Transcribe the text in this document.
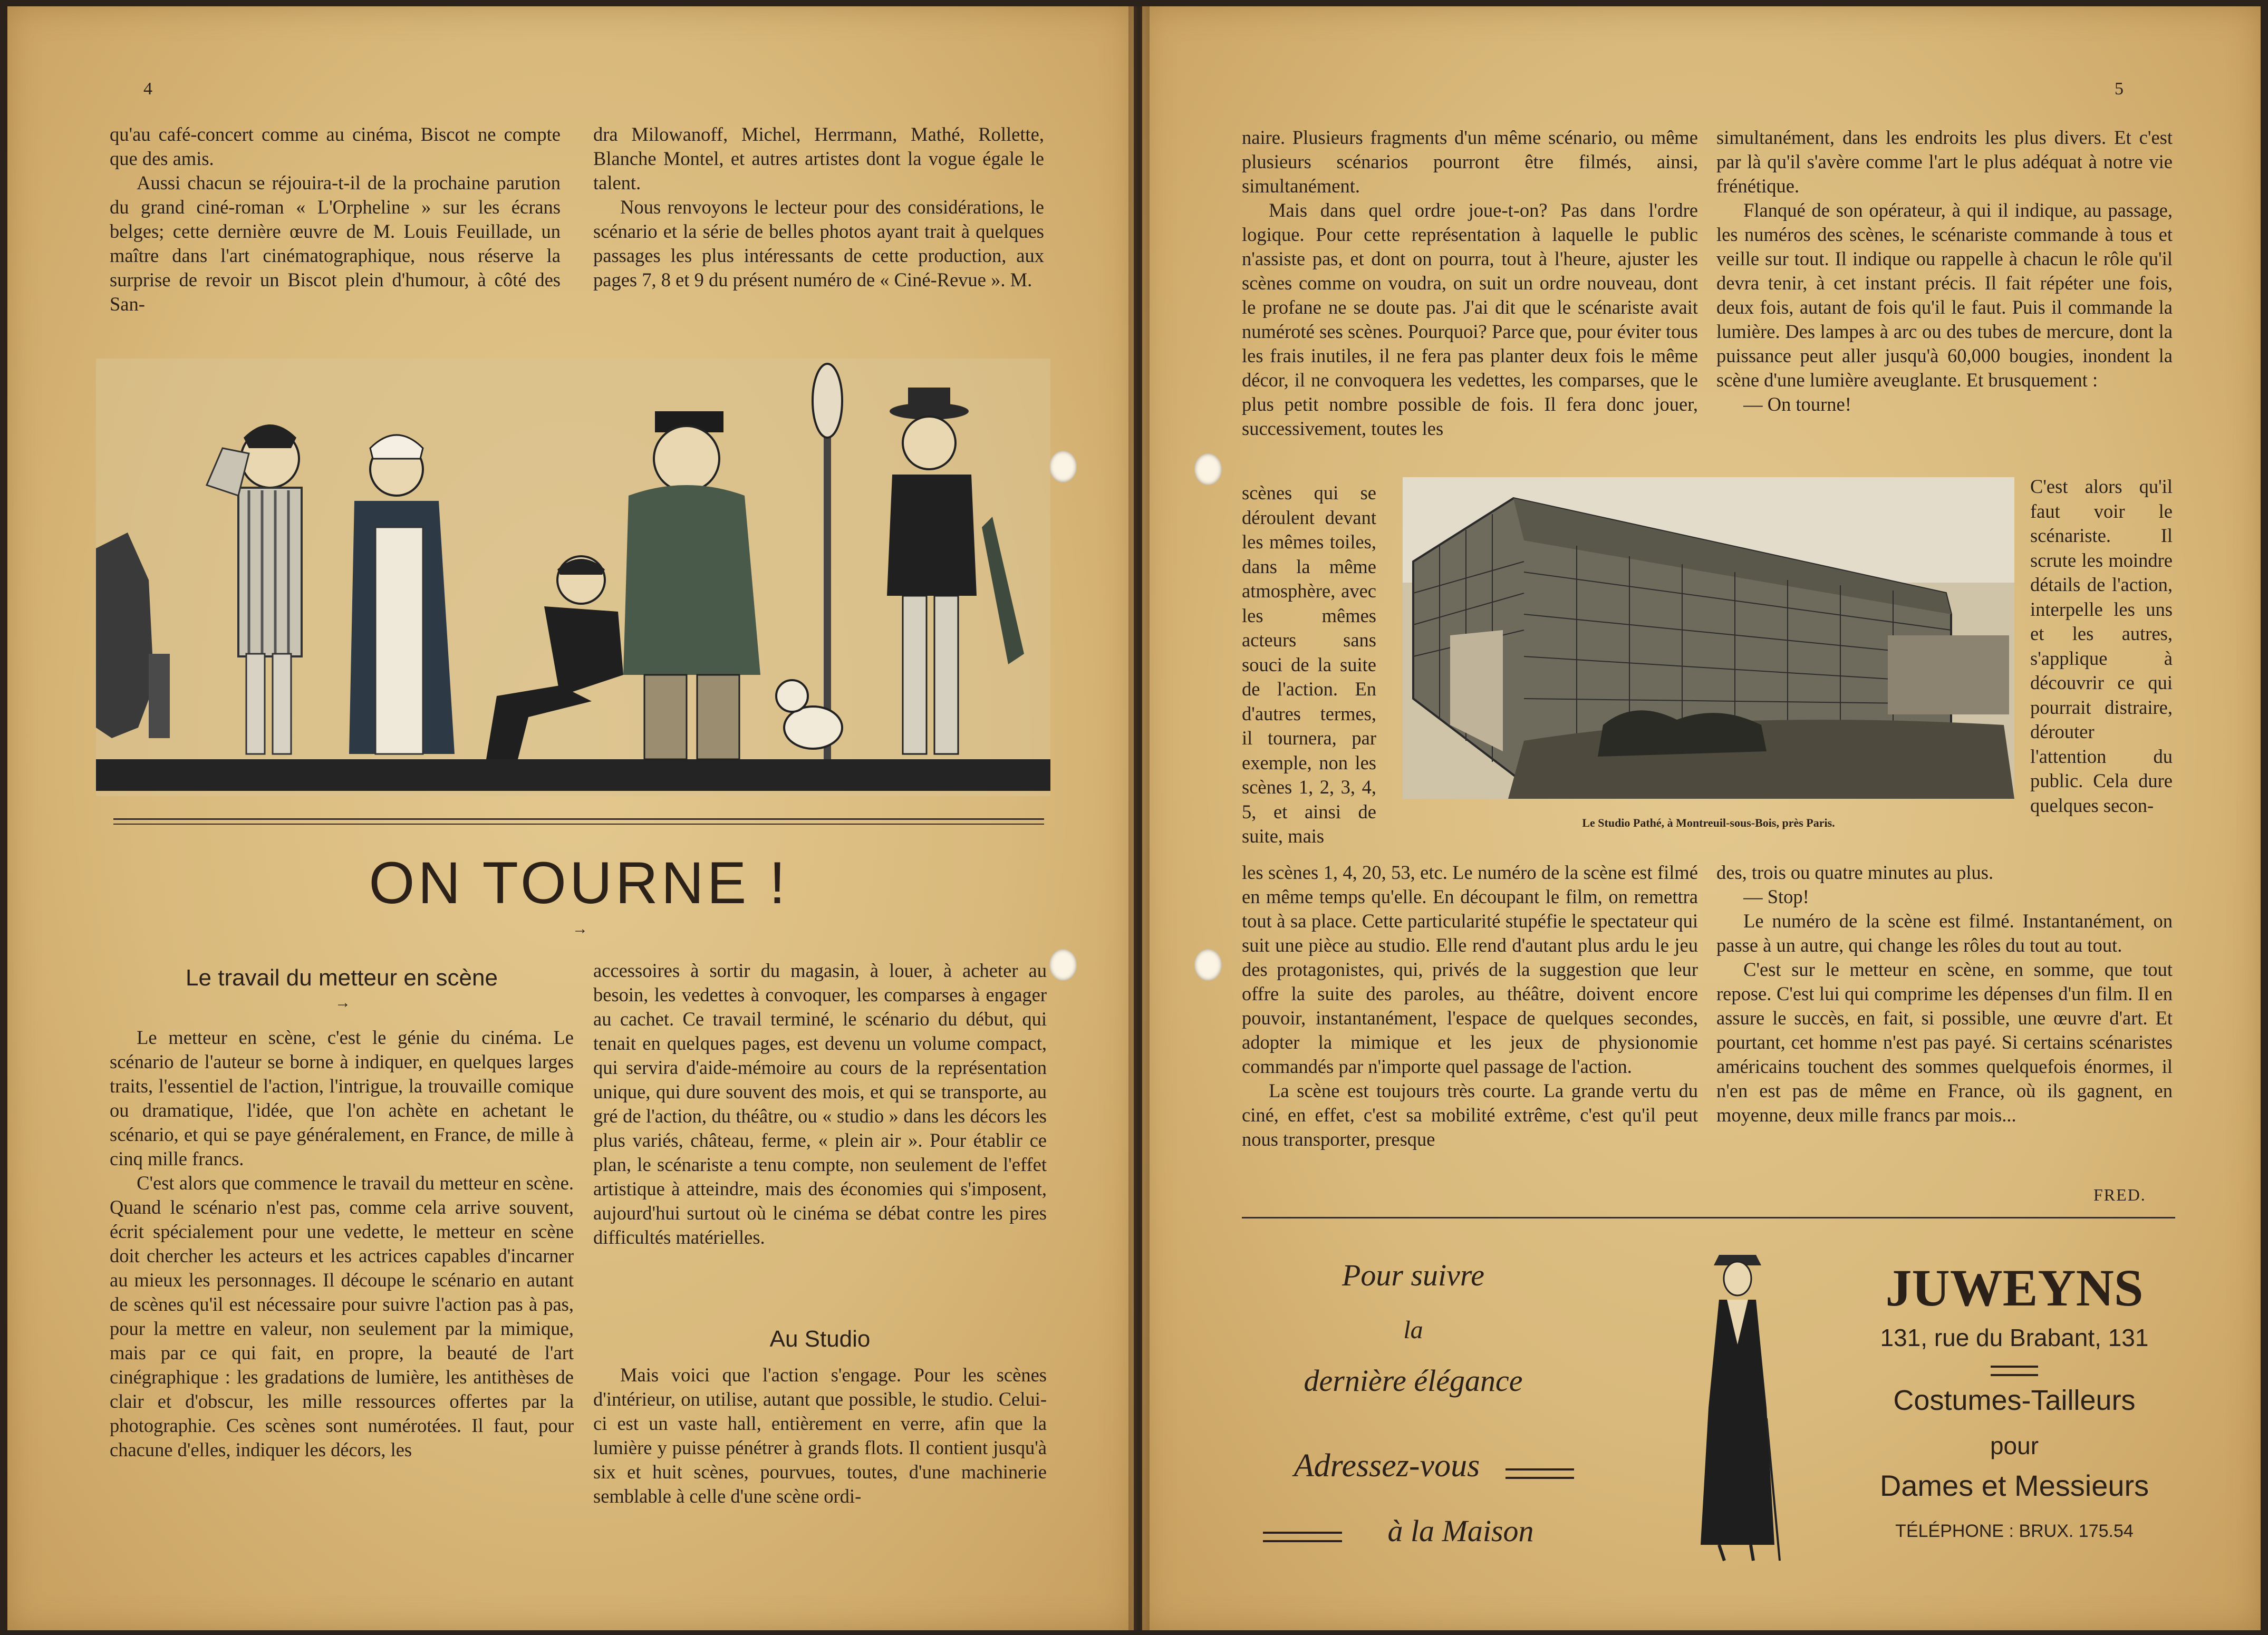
4

qu'au café-concert comme au cinéma, Biscot ne compte que des amis.

Aussi chacun se réjouira-t-il de la prochaine parution du grand ciné-roman « L'Orpheline » sur les écrans belges; cette dernière œuvre de M. Louis Feuillade, un maître dans l'art cinématographique, nous réserve la surprise de revoir un Biscot plein d'humour, à côté des San-

dra Milowanoff, Michel, Herrmann, Mathé, Rollette, Blanche Montel, et autres artistes dont la vogue égale le talent.

Nous renvoyons le lecteur pour des considérations, le scénario et la série de belles photos ayant trait à quelques passages les plus intéressants de cette production, aux pages 7, 8 et 9 du présent numéro de « Ciné-Revue ». M.

ON TOURNE !
→
Le travail du metteur en scène
→

Le metteur en scène, c'est le génie du cinéma. Le scénario de l'auteur se borne à indiquer, en quelques larges traits, l'essentiel de l'action, l'intrigue, la trouvaille comique ou dramatique, l'idée, que l'on achète en achetant le scénario, et qui se paye généralement, en France, de mille à cinq mille francs.

C'est alors que commence le travail du metteur en scène. Quand le scénario n'est pas, comme cela arrive souvent, écrit spécialement pour une vedette, le metteur en scène doit chercher les acteurs et les actrices capables d'incarner au mieux les personnages. Il découpe le scénario en autant de scènes qu'il est nécessaire pour suivre l'action pas à pas, pour la mettre en valeur, non seulement par la mimique, mais par ce qui fait, en propre, la beauté de l'art cinégraphique : les gradations de lumière, les antithèses de clair et d'obscur, les mille ressources offertes par la photographie. Ces scènes sont numérotées. Il faut, pour chacune d'elles, indiquer les décors, les

accessoires à sortir du magasin, à louer, à acheter au besoin, les vedettes à convoquer, les comparses à engager au cachet. Ce travail terminé, le scénario du début, qui tenait en quelques pages, est devenu un volume compact, qui servira d'aide-mémoire au cours de la représentation unique, qui dure souvent des mois, et qui se transporte, au gré de l'action, du théâtre, ou « studio » dans les décors les plus variés, château, ferme, « plein air ». Pour établir ce plan, le scénariste a tenu compte, non seulement de l'effet artistique à atteindre, mais des économies qui s'imposent, aujourd'hui surtout où le cinéma se débat contre les pires difficultés matérielles.

Au Studio

Mais voici que l'action s'engage. Pour les scènes d'intérieur, on utilise, autant que possible, le studio. Celui-ci est un vaste hall, entièrement en verre, afin que la lumière y puisse pénétrer à grands flots. Il contient jusqu'à six et huit scènes, pourvues, toutes, d'une machinerie semblable à celle d'une scène ordi-

5

naire. Plusieurs fragments d'un même scénario, ou même plusieurs scénarios pourront être filmés, ainsi, simultanément.

Mais dans quel ordre joue-t-on? Pas dans l'ordre logique. Pour cette représentation à laquelle le public n'assiste pas, et dont on pourra, tout à l'heure, ajuster les scènes comme on voudra, on suit un ordre nouveau, dont le profane ne se doute pas. J'ai dit que le scénariste avait numéroté ses scènes. Pourquoi? Parce que, pour éviter tous les frais inutiles, il ne fera pas planter deux fois le même décor, il ne convoquera les vedettes, les comparses, que le plus petit nombre possible de fois. Il fera donc jouer, successivement, toutes les

scènes qui se déroulent devant les mêmes toiles, dans la même atmosphère, avec les mêmes acteurs sans souci de la suite de l'action. En d'autres termes, il tournera, par exemple, non les scènes 1, 2, 3, 4, 5, et ainsi de suite, mais

les scènes 1, 4, 20, 53, etc. Le numéro de la scène est filmé en même temps qu'elle. En découpant le film, on remettra tout à sa place. Cette particularité stupéfie le spectateur qui suit une pièce au studio. Elle rend d'autant plus ardu le jeu des protagonistes, qui, privés de la suggestion que leur offre la suite des paroles, au théâtre, doivent encore pouvoir, instantanément, l'espace de quelques secondes, adopter la mimique et les jeux de physionomie commandés par n'importe quel passage de l'action.

La scène est toujours très courte. La grande vertu du ciné, en effet, c'est sa mobilité extrême, c'est qu'il peut nous transporter, presque

simultanément, dans les endroits les plus divers. Et c'est par là qu'il s'avère comme l'art le plus adéquat à notre vie frénétique.

Flanqué de son opérateur, à qui il indique, au passage, les numéros des scènes, le scénariste commande à tous et veille sur tout. Il indique ou rappelle à chacun le rôle qu'il devra tenir, à cet instant précis. Il fait répéter une fois, deux fois, autant de fois qu'il le faut. Puis il commande la lumière. Des lampes à arc ou des tubes de mercure, dont la puissance peut aller jusqu'à 60,000 bougies, inondent la scène d'une lumière aveuglante. Et brusquement :

— On tourne!

C'est alors qu'il faut voir le scénariste. Il scrute les moindre détails de l'action, interpelle les uns et les autres, s'applique à découvrir ce qui pourrait distraire, dérouter l'attention du public. Cela dure quelques secon-

des, trois ou quatre minutes au plus.

— Stop!

Le numéro de la scène est filmé. Instantanément, on passe à un autre, qui change les rôles du tout au tout.

C'est sur le metteur en scène, en somme, que tout repose. C'est lui qui comprime les dépenses d'un film. Il en assure le succès, en fait, si possible, une œuvre d'art. Et pourtant, cet homme n'est pas payé. Si certains scénaristes américains touchent des sommes quelquefois énormes, il n'en est pas de même en France, où ils gagnent, en moyenne, deux mille francs par mois...

FRED.
Le Studio Pathé, à Montreuil-sous-Bois, près Paris.
Pour suivre
la
dernière élégance
Adressez-vous
à la Maison
JUWEYNS
131, rue du Brabant, 131
Costumes-Tailleurs
pour
Dames et Messieurs
TÉLÉPHONE : BRUX. 175.54
